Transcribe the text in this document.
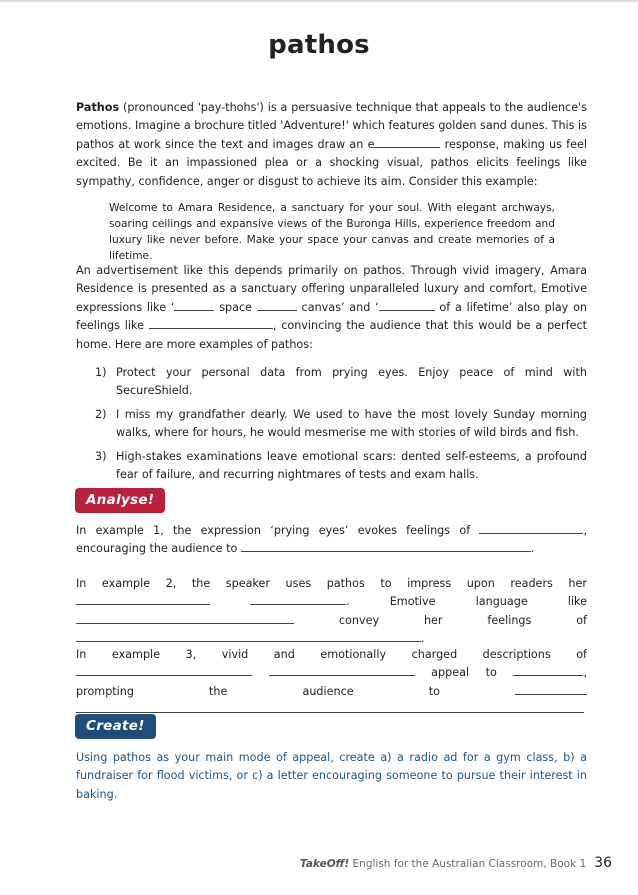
pathos
Pathos (pronounced 'pay-thohs') is a persuasive technique that appeals to the audience's emotions. Imagine a brochure titled 'Adventure!' which features golden sand dunes. This is pathos at work since the text and images draw an e	response, making us feel excited. Be it an impassioned plea or a shocking visual, pathos elicits feelings like sympathy, confidence, anger or disgust to achieve its aim. Consider this example:
Welcome to Amara Residence, a sanctuary for your soul. With elegant archways, soaring ceilings and expansive views of the Buronga Hills, experience freedom and luxury like never before. Make your space your canvas and create memories of a lifetime.
An advertisement like this depends primarily on pathos. Through vivid imagery, Amara Residence is presented as a sanctuary offering unparalleled luxury and comfort. Emotive expressions like ‘	space	canvas’ and ‘	of a lifetime’ also play on feelings like	, convincing the audience that this would be a perfect home. Here are more examples of pathos:
1) Protect your personal data from prying eyes. Enjoy peace of mind with SecureShield.
2) I miss my grandfather dearly. We used to have the most lovely Sunday morning walks, where for hours, he would mesmerise me with stories of wild birds and fish.
3) High-stakes examinations leave emotional scars: dented self-esteems, a profound fear of failure, and recurring nightmares of tests and exam halls.
Analyse!
In example 1, the expression ‘prying eyes’ evokes feelings of	, encouraging the audience to	.
In example 2, the speaker uses pathos to impress upon readers her  . Emotive language like  convey her feelings of .
In example 3, vivid and emotionally charged descriptions of   appeal to	, prompting the audience to
Create!
Using pathos as your main mode of appeal, create a) a radio ad for a gym class, b) a fundraiser for flood victims, or c) a letter encouraging someone to pursue their interest in baking.
TakeOff! English for the Australian Classroom, Book 1 36
